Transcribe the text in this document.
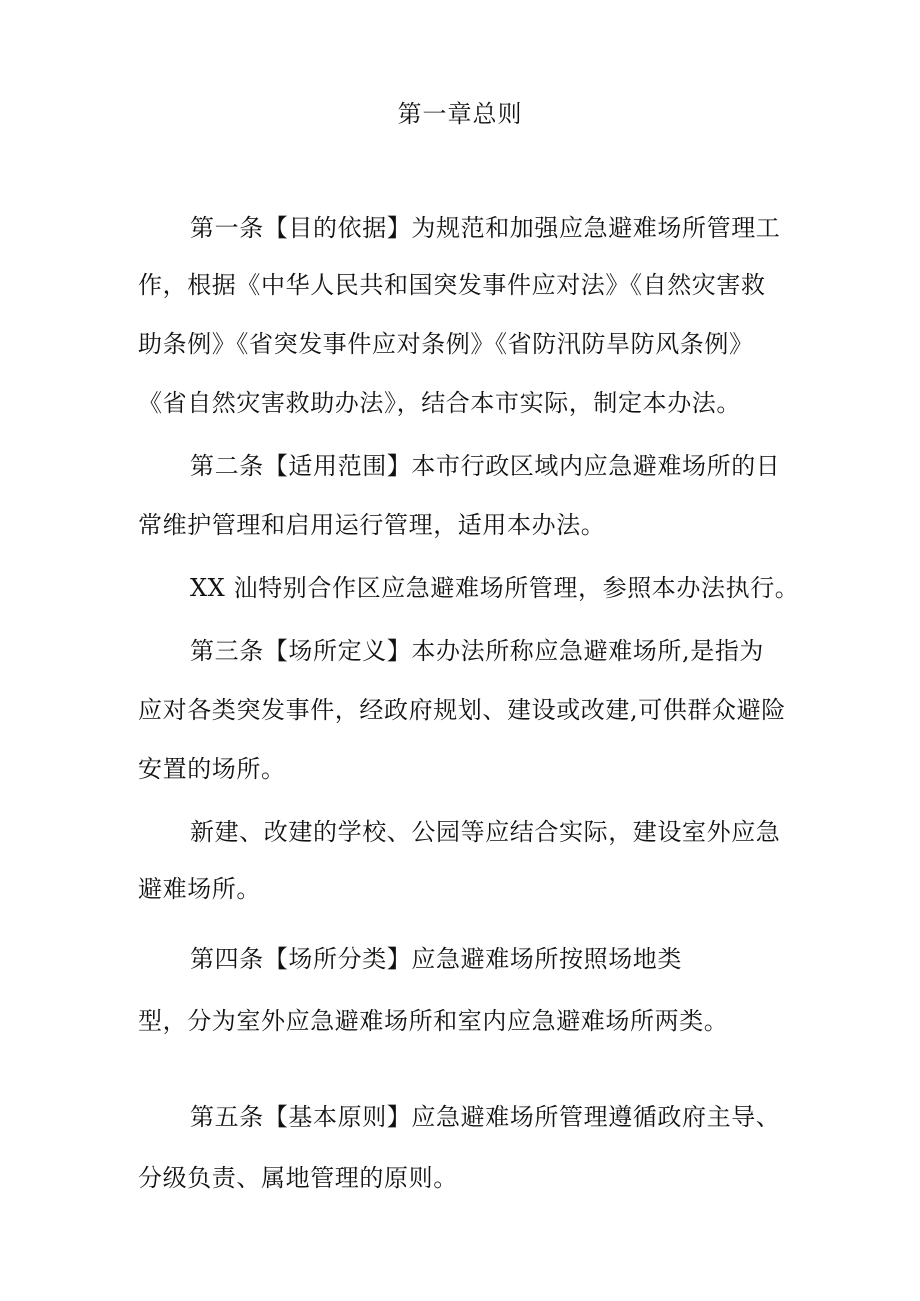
第一章总则
第一条【目的依据】为规范和加强应急避难场所管理工
作，根据《中华人民共和国突发事件应对法》《自然灾害救
助条例》《省突发事件应对条例》《省防汛防旱防风条例》
《省自然灾害救助办法》，结合本市实际，制定本办法。
第二条【适用范围】本市行政区域内应急避难场所的日
常维护管理和启用运行管理，适用本办法。
XX 汕特别合作区应急避难场所管理，参照本办法执行。
第三条【场所定义】本办法所称应急避难场所,是指为
应对各类突发事件，经政府规划、建设或改建,可供群众避险
安置的场所。
新建、改建的学校、公园等应结合实际，建设室外应急
避难场所。
第四条【场所分类】应急避难场所按照场地类
型，分为室外应急避难场所和室内应急避难场所两类。
第五条【基本原则】应急避难场所管理遵循政府主导、
分级负责、属地管理的原则。
